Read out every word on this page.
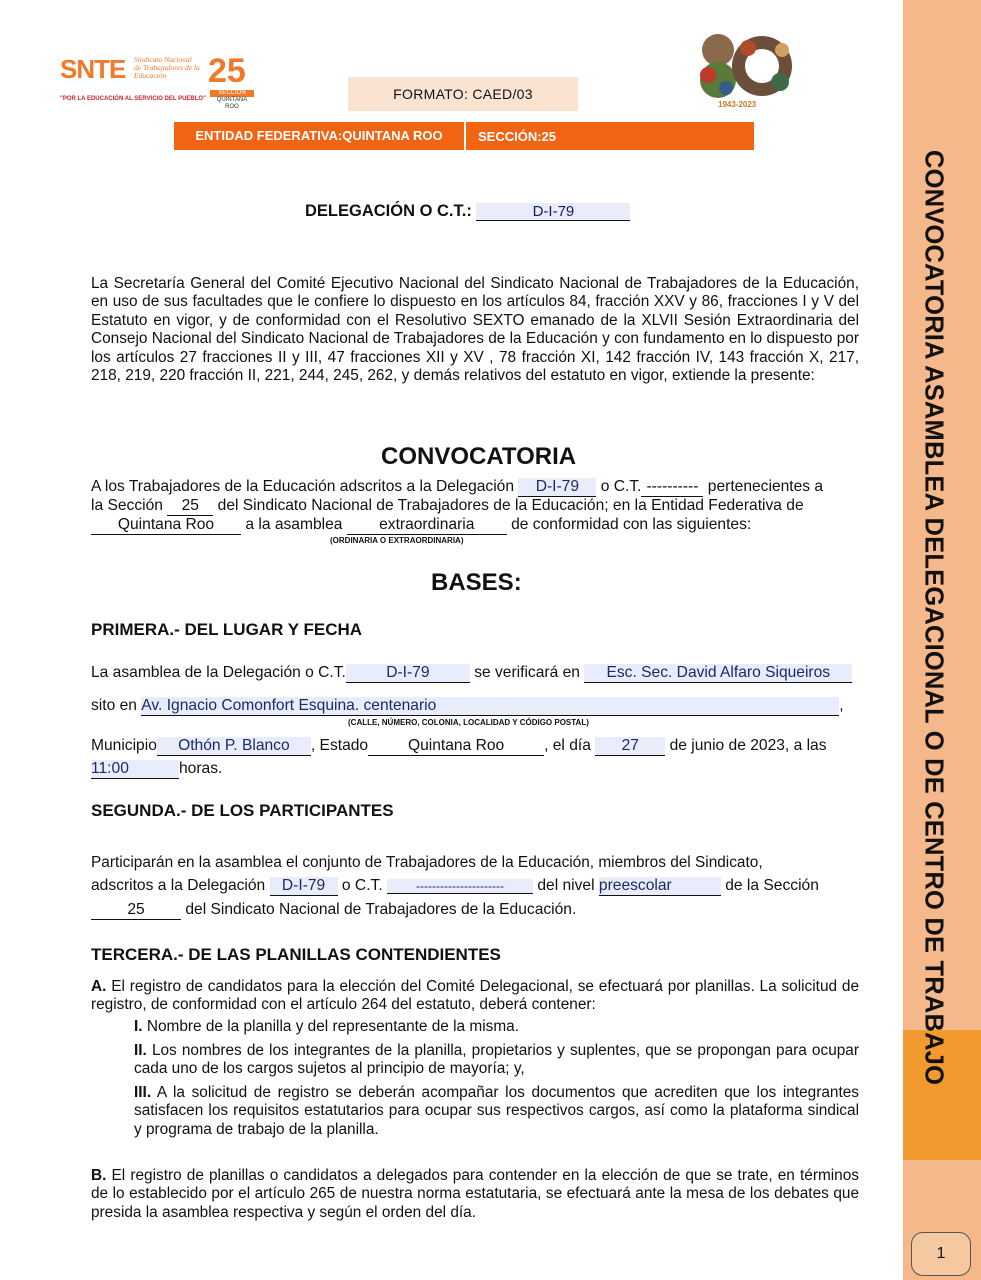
SNTE Sindicato Nacional de Trabajadores de la Educación	25
SECCIÓN
QUINTANA ROO
"POR LA EDUCACIÓN AL SERVICIO DEL PUEBLO"
1943-2023
FORMATO: CAED/03
ENTIDAD FEDERATIVA:QUINTANA ROO	SECCIÓN:25
DELEGACIÓN O C.T.:	D-I-79
La Secretaría General del Comité Ejecutivo Nacional del Sindicato Nacional de Trabajadores de la Educación, en uso de sus facultades que le confiere lo dispuesto en los artículos 84, fracción XXV y 86, fracciones I y V del Estatuto en vigor, y de conformidad con el Resolutivo SEXTO emanado de la XLVII Sesión Extraordinaria del Consejo Nacional del Sindicato Nacional de Trabajadores de la Educación y con fundamento en lo dispuesto por los artículos 27 fracciones II y III, 47 fracciones XII y XV , 78 fracción XI, 142 fracción IV, 143 fracción X, 217, 218, 219, 220 fracción II, 221, 244, 245, 262, y demás relativos del estatuto en vigor, extiende la presente:
CONVOCATORIA
A los Trabajadores de la Educación adscritos a la Delegación D-I-79 o C.T. ---------- pertenecientes a
la Sección 25 del Sindicato Nacional de Trabajadores de la Educación; en la Entidad Federativa de
Quintana Roo a la asamblea extraordinaria de conformidad con las siguientes:
(ORDINARIA O EXTRAORDINARIA)
BASES:
PRIMERA.- DEL LUGAR Y FECHA
La asamblea de la Delegación o C.T.	D-I-79	se verificará en Esc. Sec. David Alfaro Siqueiros
sito en Av. Ignacio Comonfort Esquina. centenario	,
(CALLE, NÚMERO, COLONIA, LOCALIDAD Y CÓDIGO POSTAL)
Municipio Othón P. Blanco , Estado	Quintana Roo	, el día 27 de junio de 2023, a las
11:00	horas.
SEGUNDA.- DE LOS PARTICIPANTES
Participarán en la asamblea el conjunto de Trabajadores de la Educación, miembros del Sindicato,
adscritos a la Delegación D-I-79 o C.T.	---------------------- del nivel preescolar	de la Sección
25	del Sindicato Nacional de Trabajadores de la Educación.
TERCERA.- DE LAS PLANILLAS CONTENDIENTES
A. El registro de candidatos para la elección del Comité Delegacional, se efectuará por planillas. La solicitud de registro, de conformidad con el artículo 264 del estatuto, deberá contener:
I. Nombre de la planilla y del representante de la misma.
II. Los nombres de los integrantes de la planilla, propietarios y suplentes, que se propongan para ocupar cada uno de los cargos sujetos al principio de mayoría; y,
III. A la solicitud de registro se deberán acompañar los documentos que acrediten que los integrantes satisfacen los requisitos estatutarios para ocupar sus respectivos cargos, así como la plataforma sindical y programa de trabajo de la planilla.
B. El registro de planillas o candidatos a delegados para contender en la elección de que se trate, en términos de lo establecido por el artículo 265 de nuestra norma estatutaria, se efectuará ante la mesa de los debates que presida la asamblea respectiva y según el orden del día.
CONVOCATORIA ASAMBLEA DELEGACIONAL O DE CENTRO DE TRABAJO
1
